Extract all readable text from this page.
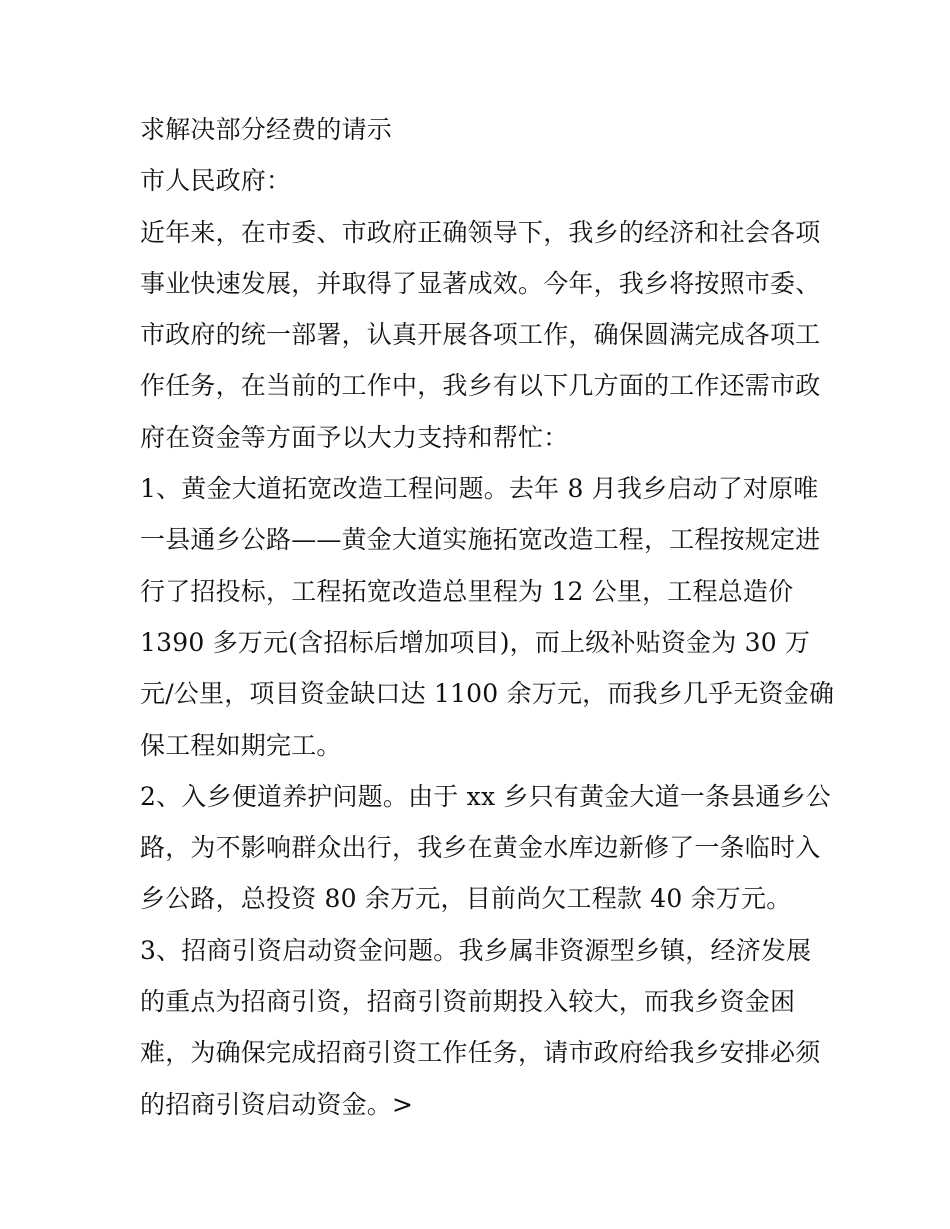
求解决部分经费的请示
市人民政府：
近年来，在市委、市政府正确领导下，我乡的经济和社会各项
事业快速发展，并取得了显著成效。今年，我乡将按照市委、
市政府的统一部署，认真开展各项工作，确保圆满完成各项工
作任务，在当前的工作中，我乡有以下几方面的工作还需市政
府在资金等方面予以大力支持和帮忙：
1、黄金大道拓宽改造工程问题。去年 8 月我乡启动了对原唯
一县通乡公路——黄金大道实施拓宽改造工程，工程按规定进
行了招投标，工程拓宽改造总里程为 12 公里，工程总造价
1390 多万元(含招标后增加项目)，而上级补贴资金为 30 万
元/公里，项目资金缺口达 1100 余万元，而我乡几乎无资金确
保工程如期完工。
2、入乡便道养护问题。由于 xx 乡只有黄金大道一条县通乡公
路，为不影响群众出行，我乡在黄金水库边新修了一条临时入
乡公路，总投资 80 余万元，目前尚欠工程款 40 余万元。
3、招商引资启动资金问题。我乡属非资源型乡镇，经济发展
的重点为招商引资，招商引资前期投入较大，而我乡资金困
难，为确保完成招商引资工作任务，请市政府给我乡安排必须
的招商引资启动资金。>
